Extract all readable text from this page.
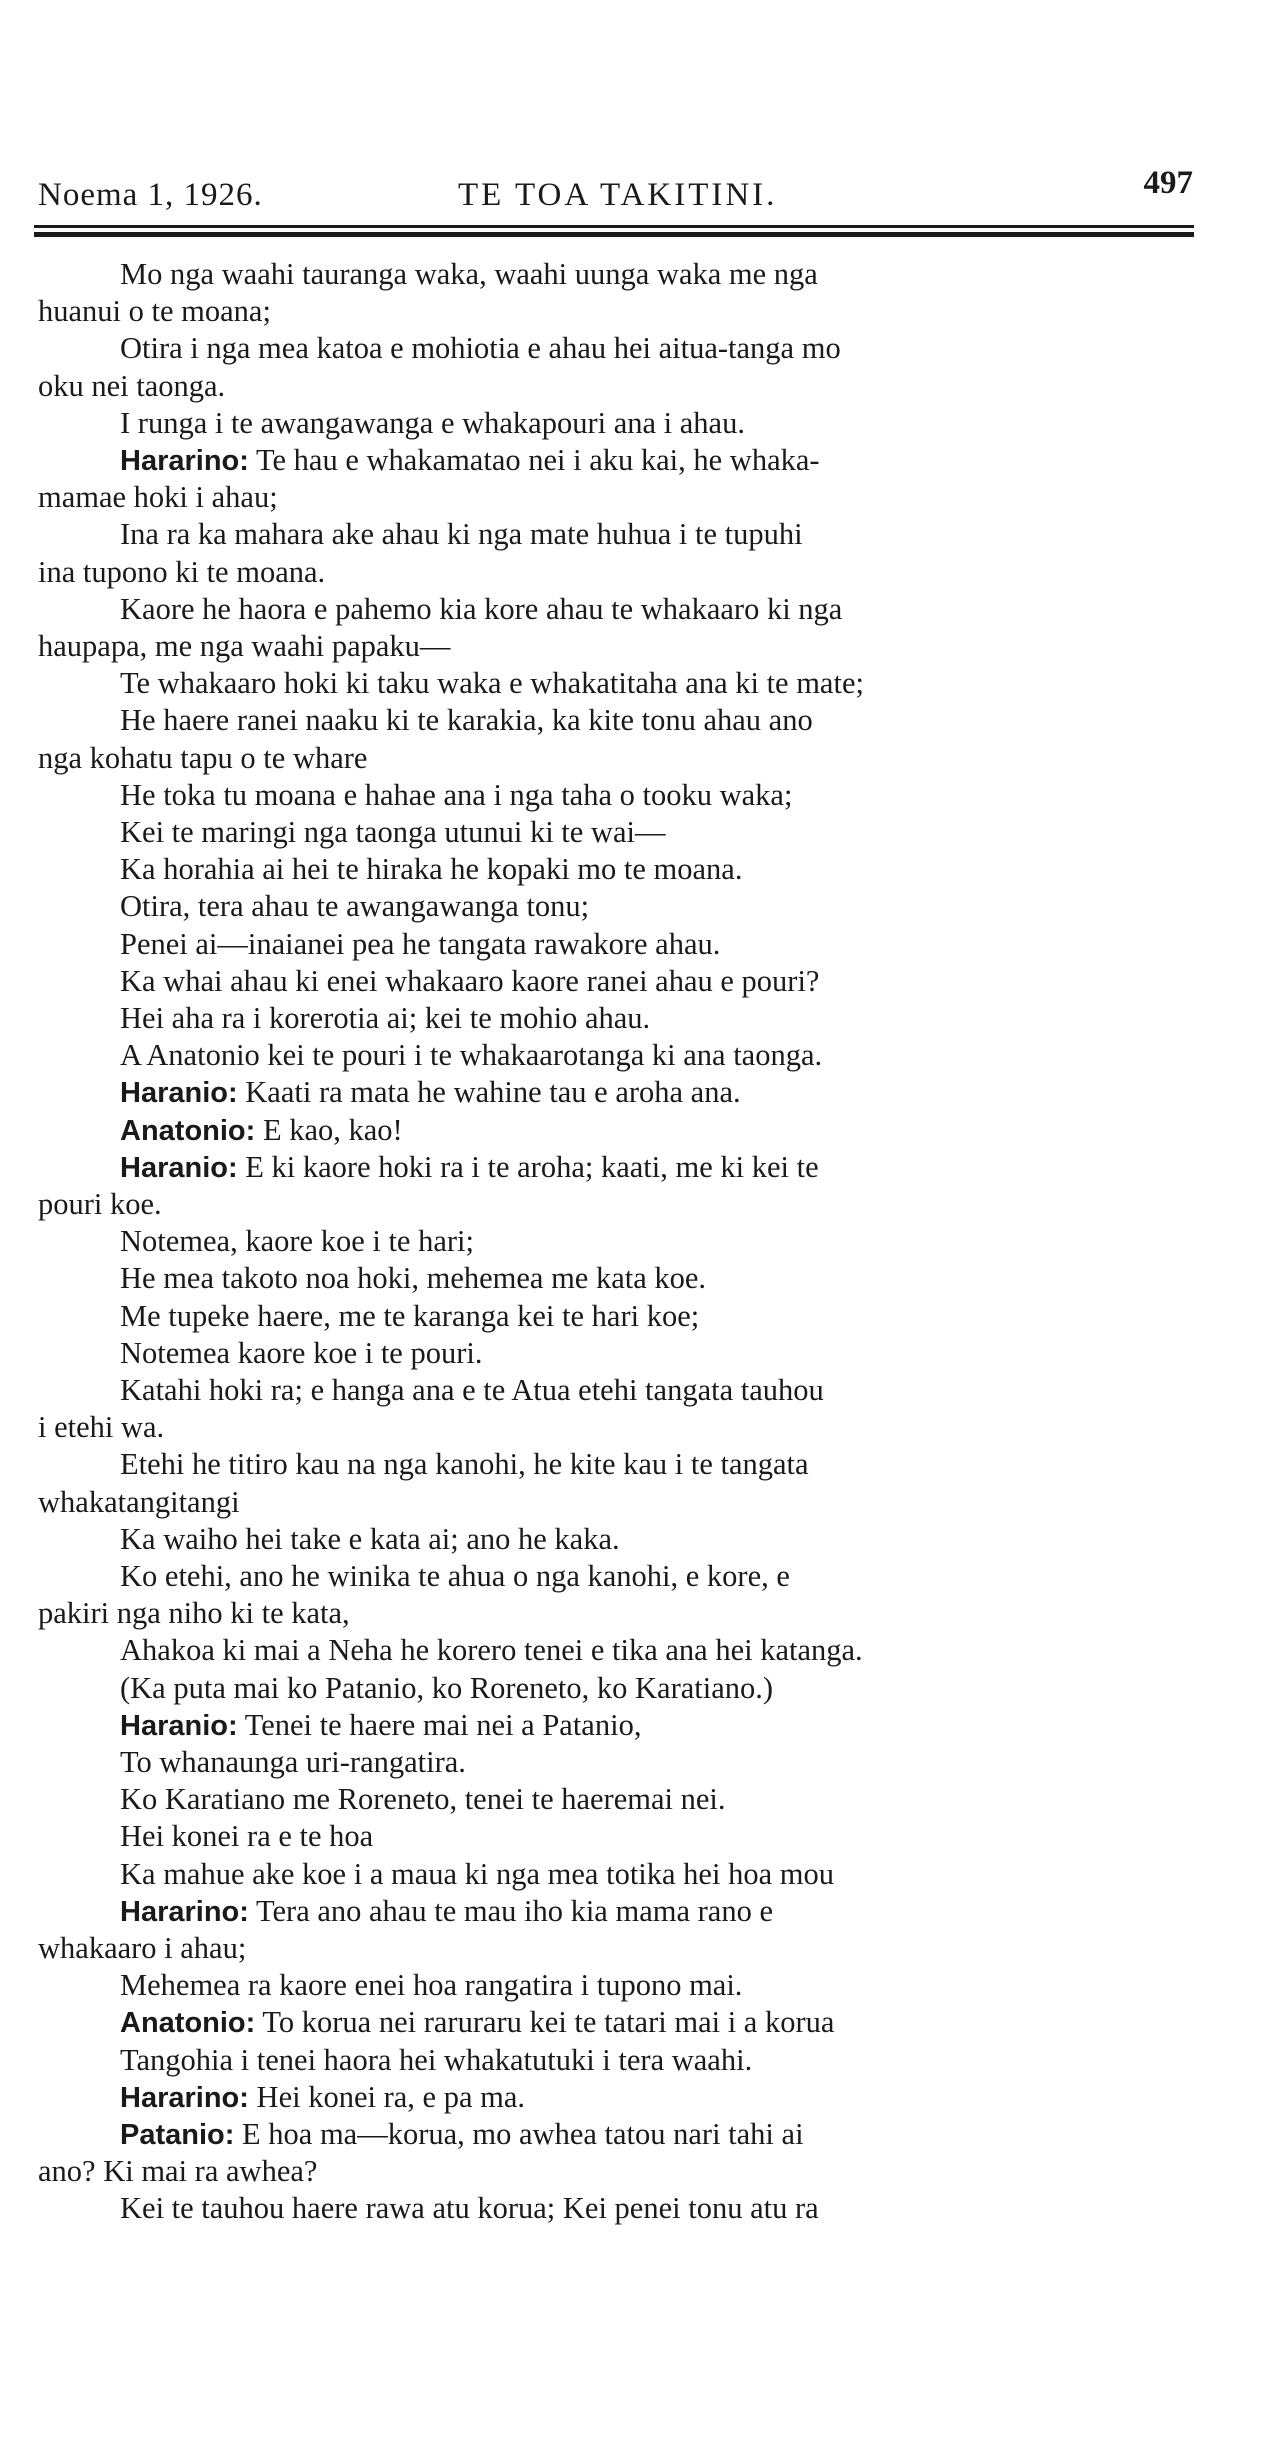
Noema 1, 1926.	TE TOA TAKITINI.	497
Mo nga waahi tauranga waka, waahi uunga waka me nga
huanui o te moana;
Otira i nga mea katoa e mohiotia e ahau hei aitua-tanga mo
oku nei taonga.
I runga i te awangawanga e whakapouri ana i ahau.
Hararino: Te hau e whakamatao nei i aku kai, he whaka-
mamae hoki i ahau;
Ina ra ka mahara ake ahau ki nga mate huhua i te tupuhi
ina tupono ki te moana.
Kaore he haora e pahemo kia kore ahau te whakaaro ki nga
haupapa, me nga waahi papaku—
Te whakaaro hoki ki taku waka e whakatitaha ana ki te mate;
He haere ranei naaku ki te karakia, ka kite tonu ahau ano
nga kohatu tapu o te whare
He toka tu moana e hahae ana i nga taha o tooku waka;
Kei te maringi nga taonga utunui ki te wai—
Ka horahia ai hei te hiraka he kopaki mo te moana.
Otira, tera ahau te awangawanga tonu;
Penei ai—inaianei pea he tangata rawakore ahau.
Ka whai ahau ki enei whakaaro kaore ranei ahau e pouri?
Hei aha ra i korerotia ai; kei te mohio ahau.
A Anatonio kei te pouri i te whakaarotanga ki ana taonga.
Haranio: Kaati ra mata he wahine tau e aroha ana.
Anatonio: E kao, kao!
Haranio: E ki kaore hoki ra i te aroha; kaati, me ki kei te
pouri koe.
Notemea, kaore koe i te hari;
He mea takoto noa hoki, mehemea me kata koe.
Me tupeke haere, me te karanga kei te hari koe;
Notemea kaore koe i te pouri.
Katahi hoki ra; e hanga ana e te Atua etehi tangata tauhou
i etehi wa.
Etehi he titiro kau na nga kanohi, he kite kau i te tangata
whakatangitangi
Ka waiho hei take e kata ai; ano he kaka.
Ko etehi, ano he winika te ahua o nga kanohi, e kore, e
pakiri nga niho ki te kata,
Ahakoa ki mai a Neha he korero tenei e tika ana hei katanga.
(Ka puta mai ko Patanio, ko Roreneto, ko Karatiano.)
Haranio: Tenei te haere mai nei a Patanio,
To whanaunga uri-rangatira.
Ko Karatiano me Roreneto, tenei te haeremai nei.
Hei konei ra e te hoa
Ka mahue ake koe i a maua ki nga mea totika hei hoa mou
Hararino: Tera ano ahau te mau iho kia mama rano e
whakaaro i ahau;
Mehemea ra kaore enei hoa rangatira i tupono mai.
Anatonio: To korua nei raruraru kei te tatari mai i a korua
Tangohia i tenei haora hei whakatutuki i tera waahi.
Hararino: Hei konei ra, e pa ma.
Patanio: E hoa ma—korua, mo awhea tatou nari tahi ai
ano? Ki mai ra awhea?
Kei te tauhou haere rawa atu korua; Kei penei tonu atu ra
